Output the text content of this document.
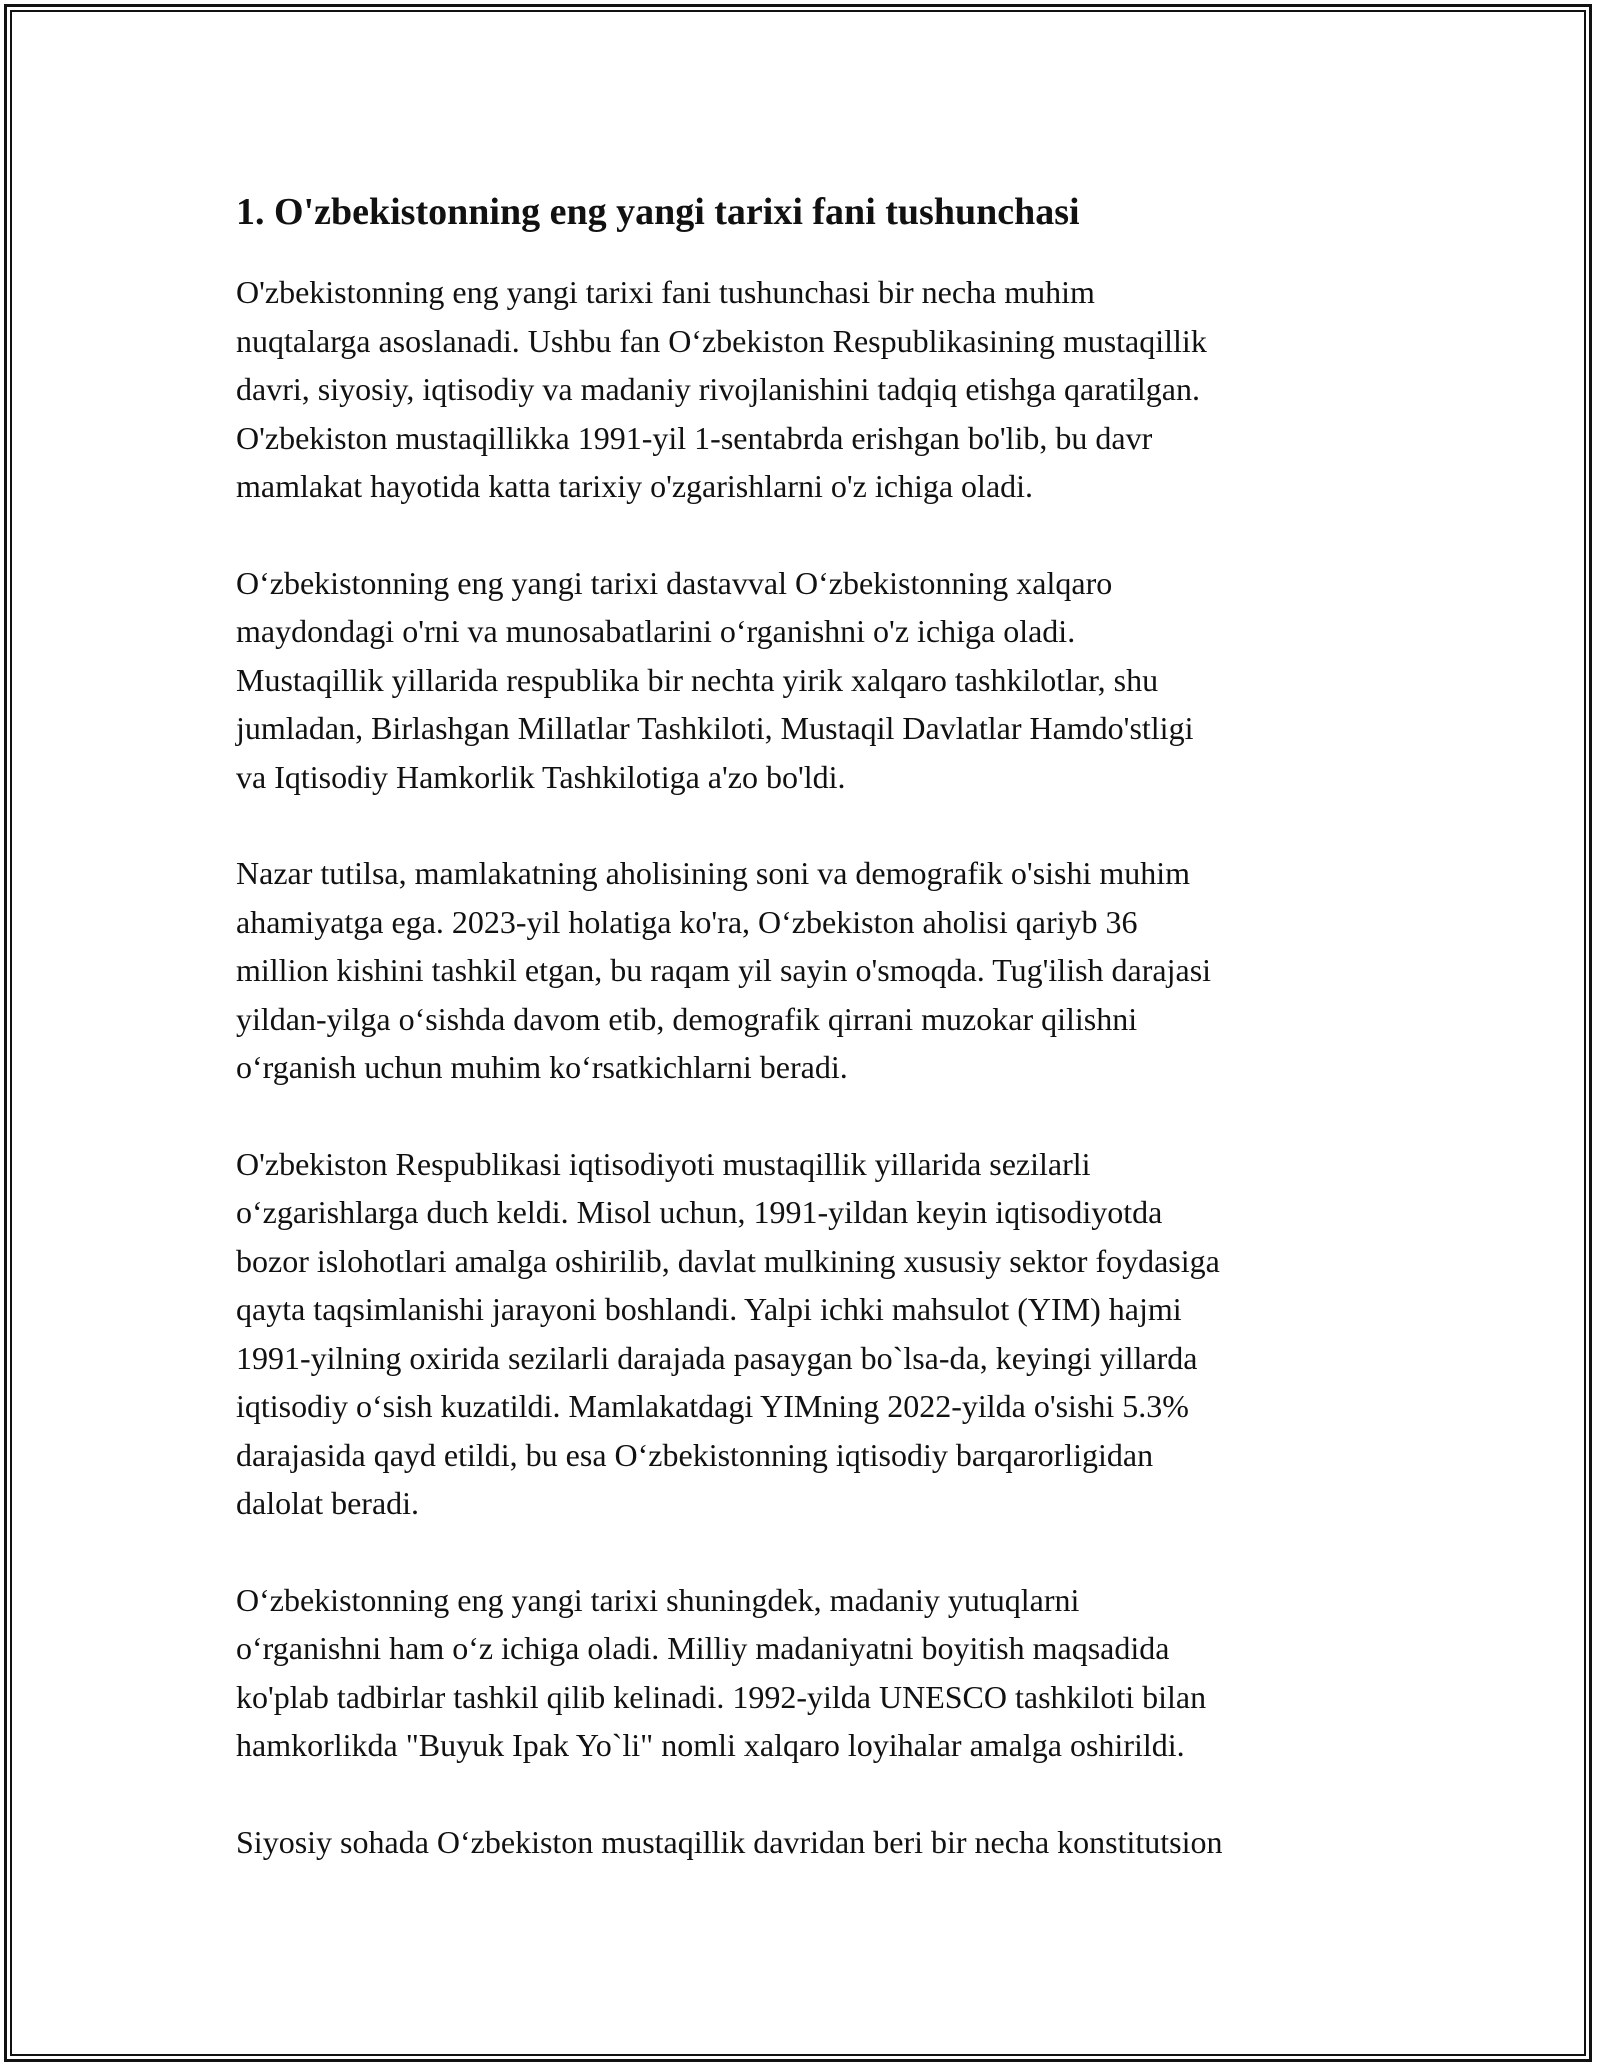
1. O'zbekistonning eng yangi tarixi fani tushunchasi

O'zbekistonning eng yangi tarixi fani tushunchasi bir necha muhim
nuqtalarga asoslanadi. Ushbu fan O‘zbekiston Respublikasining mustaqillik
davri, siyosiy, iqtisodiy va madaniy rivojlanishini tadqiq etishga qaratilgan.
O'zbekiston mustaqillikka 1991-yil 1-sentabrda erishgan bo'lib, bu davr
mamlakat hayotida katta tarixiy o'zgarishlarni o'z ichiga oladi.

O‘zbekistonning eng yangi tarixi dastavval O‘zbekistonning xalqaro
maydondagi o'rni va munosabatlarini o‘rganishni o'z ichiga oladi.
Mustaqillik yillarida respublika bir nechta yirik xalqaro tashkilotlar, shu
jumladan, Birlashgan Millatlar Tashkiloti, Mustaqil Davlatlar Hamdo'stligi
va Iqtisodiy Hamkorlik Tashkilotiga a'zo bo'ldi.

Nazar tutilsa, mamlakatning aholisining soni va demografik o'sishi muhim
ahamiyatga ega. 2023-yil holatiga ko'ra, O‘zbekiston aholisi qariyb 36
million kishini tashkil etgan, bu raqam yil sayin o'smoqda. Tug'ilish darajasi
yildan-yilga o‘sishda davom etib, demografik qirrani muzokar qilishni
o‘rganish uchun muhim ko‘rsatkichlarni beradi.

O'zbekiston Respublikasi iqtisodiyoti mustaqillik yillarida sezilarli
o‘zgarishlarga duch keldi. Misol uchun, 1991-yildan keyin iqtisodiyotda
bozor islohotlari amalga oshirilib, davlat mulkining xususiy sektor foydasiga
qayta taqsimlanishi jarayoni boshlandi. Yalpi ichki mahsulot (YIM) hajmi
1991-yilning oxirida sezilarli darajada pasaygan bo`lsa-da, keyingi yillarda
iqtisodiy o‘sish kuzatildi. Mamlakatdagi YIMning 2022-yilda o'sishi 5.3%
darajasida qayd etildi, bu esa O‘zbekistonning iqtisodiy barqarorligidan
dalolat beradi.

O‘zbekistonning eng yangi tarixi shuningdek, madaniy yutuqlarni
o‘rganishni ham o‘z ichiga oladi. Milliy madaniyatni boyitish maqsadida
ko'plab tadbirlar tashkil qilib kelinadi. 1992-yilda UNESCO tashkiloti bilan
hamkorlikda "Buyuk Ipak Yo`li" nomli xalqaro loyihalar amalga oshirildi.

Siyosiy sohada O‘zbekiston mustaqillik davridan beri bir necha konstitutsion
